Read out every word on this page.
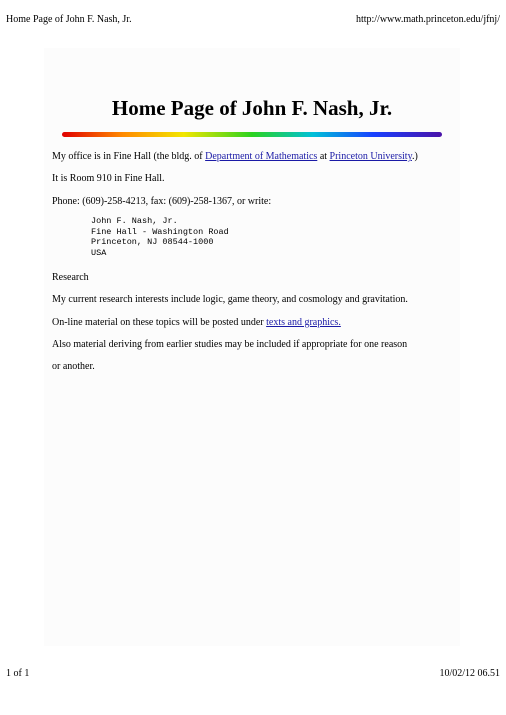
Home Page of John F. Nash, Jr.	http://www.math.princeton.edu/jfnj/
Home Page of John F. Nash, Jr.

My office is in Fine Hall (the bldg. of Department of Mathematics at Princeton University.)

It is Room 910 in Fine Hall.

Phone: (609)-258-4213, fax: (609)-258-1367, or write:

John F. Nash, Jr.
Fine Hall - Washington Road
Princeton, NJ 08544-1000
USA

Research

My current research interests include logic, game theory, and cosmology and gravitation.

On-line material on these topics will be posted under texts and graphics.

Also material deriving from earlier studies may be included if appropriate for one reason

or another.

1 of 1	10/02/12 06.51
